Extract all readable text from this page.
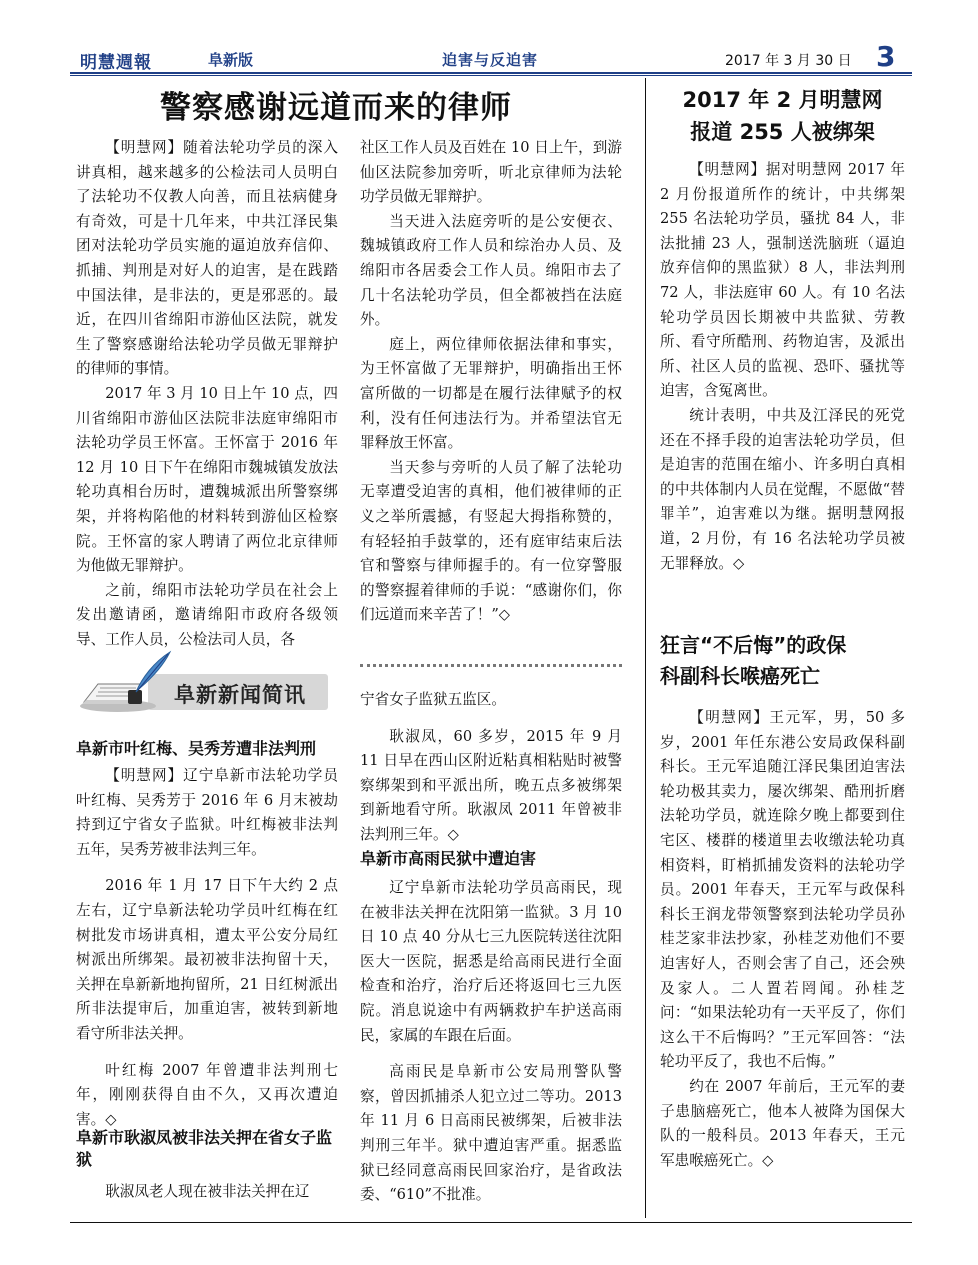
明慧週報	阜新版	迫害与反迫害	2017 年 3 月 30 日 3
警察感谢远道而来的律师

【明慧网】随着法轮功学员的深入讲真相，越来越多的公检法司人员明白了法轮功不仅教人向善，而且祛病健身有奇效，可是十几年来，中共江泽民集团对法轮功学员实施的逼迫放弃信仰、抓捕、判刑是对好人的迫害，是在践踏中国法律，是非法的，更是邪恶的。最近，在四川省绵阳市游仙区法院，就发生了警察感谢给法轮功学员做无罪辩护的律师的事情。

2017 年 3 月 10 日上午 10 点，四川省绵阳市游仙区法院非法庭审绵阳市法轮功学员王怀富。王怀富于 2016 年 12 月 10 日下午在绵阳市魏城镇发放法轮功真相台历时，遭魏城派出所警察绑架，并将构陷他的材料转到游仙区检察院。王怀富的家人聘请了两位北京律师为他做无罪辩护。

之前，绵阳市法轮功学员在社会上发出邀请函，邀请绵阳市政府各级领导、工作人员，公检法司人员，各

社区工作人员及百姓在 10 日上午，到游仙区法院参加旁听，听北京律师为法轮功学员做无罪辩护。

当天进入法庭旁听的是公安便衣、魏城镇政府工作人员和综治办人员、及绵阳市各居委会工作人员。绵阳市去了几十名法轮功学员，但全都被挡在法庭外。

庭上，两位律师依据法律和事实，为王怀富做了无罪辩护，明确指出王怀富所做的一切都是在履行法律赋予的权利，没有任何违法行为。并希望法官无罪释放王怀富。

当天参与旁听的人员了解了法轮功无辜遭受迫害的真相，他们被律师的正义之举所震撼，有竖起大拇指称赞的，有轻轻拍手鼓掌的，还有庭审结束后法官和警察与律师握手的。有一位穿警服的警察握着律师的手说：“感谢你们，你们远道而来辛苦了！”◇

阜新新闻简讯
阜新市叶红梅、吴秀芳遭非法判刑

【明慧网】辽宁阜新市法轮功学员叶红梅、吴秀芳于 2016 年 6 月末被劫持到辽宁省女子监狱。叶红梅被非法判五年，吴秀芳被非法判三年。

2016 年 1 月 17 日下午大约 2 点左右，辽宁阜新法轮功学员叶红梅在红树批发市场讲真相，遭太平公安分局红树派出所绑架。最初被非法拘留十天，关押在阜新新地拘留所，21 日红树派出所非法提审后，加重迫害，被转到新地看守所非法关押。

叶红梅 2007 年曾遭非法判刑七年，刚刚获得自由不久，又再次遭迫害。◇

阜新市耿淑凤被非法关押在省女子监狱

耿淑凤老人现在被非法关押在辽

宁省女子监狱五监区。

耿淑凤，60 多岁，2015 年 9 月 11 日早在西山区附近粘真相粘贴时被警察绑架到和平派出所，晚五点多被绑架到新地看守所。耿淑凤 2011 年曾被非法判刑三年。◇

阜新市高雨民狱中遭迫害

辽宁阜新市法轮功学员高雨民，现在被非法关押在沈阳第一监狱。3 月 10 日 10 点 40 分从七三九医院转送往沈阳医大一医院，据悉是给高雨民进行全面检查和治疗，治疗后还将返回七三九医院。消息说途中有两辆救护车护送高雨民，家属的车跟在后面。

高雨民是阜新市公安局刑警队警察，曾因抓捕杀人犯立过二等功。2013 年 11 月 6 日高雨民被绑架，后被非法判刑三年半。狱中遭迫害严重。据悉监狱已经同意高雨民回家治疗，是省政法委、“610”不批准。

2017 年 2 月明慧网
报道 255 人被绑架

【明慧网】据对明慧网 2017 年 2 月份报道所作的统计，中共绑架 255 名法轮功学员，骚扰 84 人，非法批捕 23 人，强制送洗脑班（逼迫放弃信仰的黑监狱）8 人，非法判刑 72 人，非法庭审 60 人。有 10 名法轮功学员因长期被中共监狱、劳教所、看守所酷刑、药物迫害，及派出所、社区人员的监视、恐吓、骚扰等迫害，含冤离世。

统计表明，中共及江泽民的死党还在不择手段的迫害法轮功学员，但是迫害的范围在缩小、许多明白真相的中共体制内人员在觉醒，不愿做“替罪羊”，迫害难以为继。据明慧网报道，2 月份，有 16 名法轮功学员被无罪释放。◇

狂言“不后悔”的政保
科副科长喉癌死亡

【明慧网】王元军，男，50 多岁，2001 年任东港公安局政保科副科长。王元军追随江泽民集团迫害法轮功极其卖力，屡次绑架、酷刑折磨法轮功学员，就连除夕晚上都要到住宅区、楼群的楼道里去收缴法轮功真相资料，盯梢抓捕发资料的法轮功学员。2001 年春天，王元军与政保科科长王润龙带领警察到法轮功学员孙桂芝家非法抄家，孙桂芝劝他们不要迫害好人，否则会害了自己，还会殃及家人。二人置若罔闻。孙桂芝问：“如果法轮功有一天平反了，你们这么干不后悔吗？”王元军回答：“法轮功平反了，我也不后悔。”

约在 2007 年前后，王元军的妻子患脑癌死亡，他本人被降为国保大队的一般科员。2013 年春天，王元军患喉癌死亡。◇
